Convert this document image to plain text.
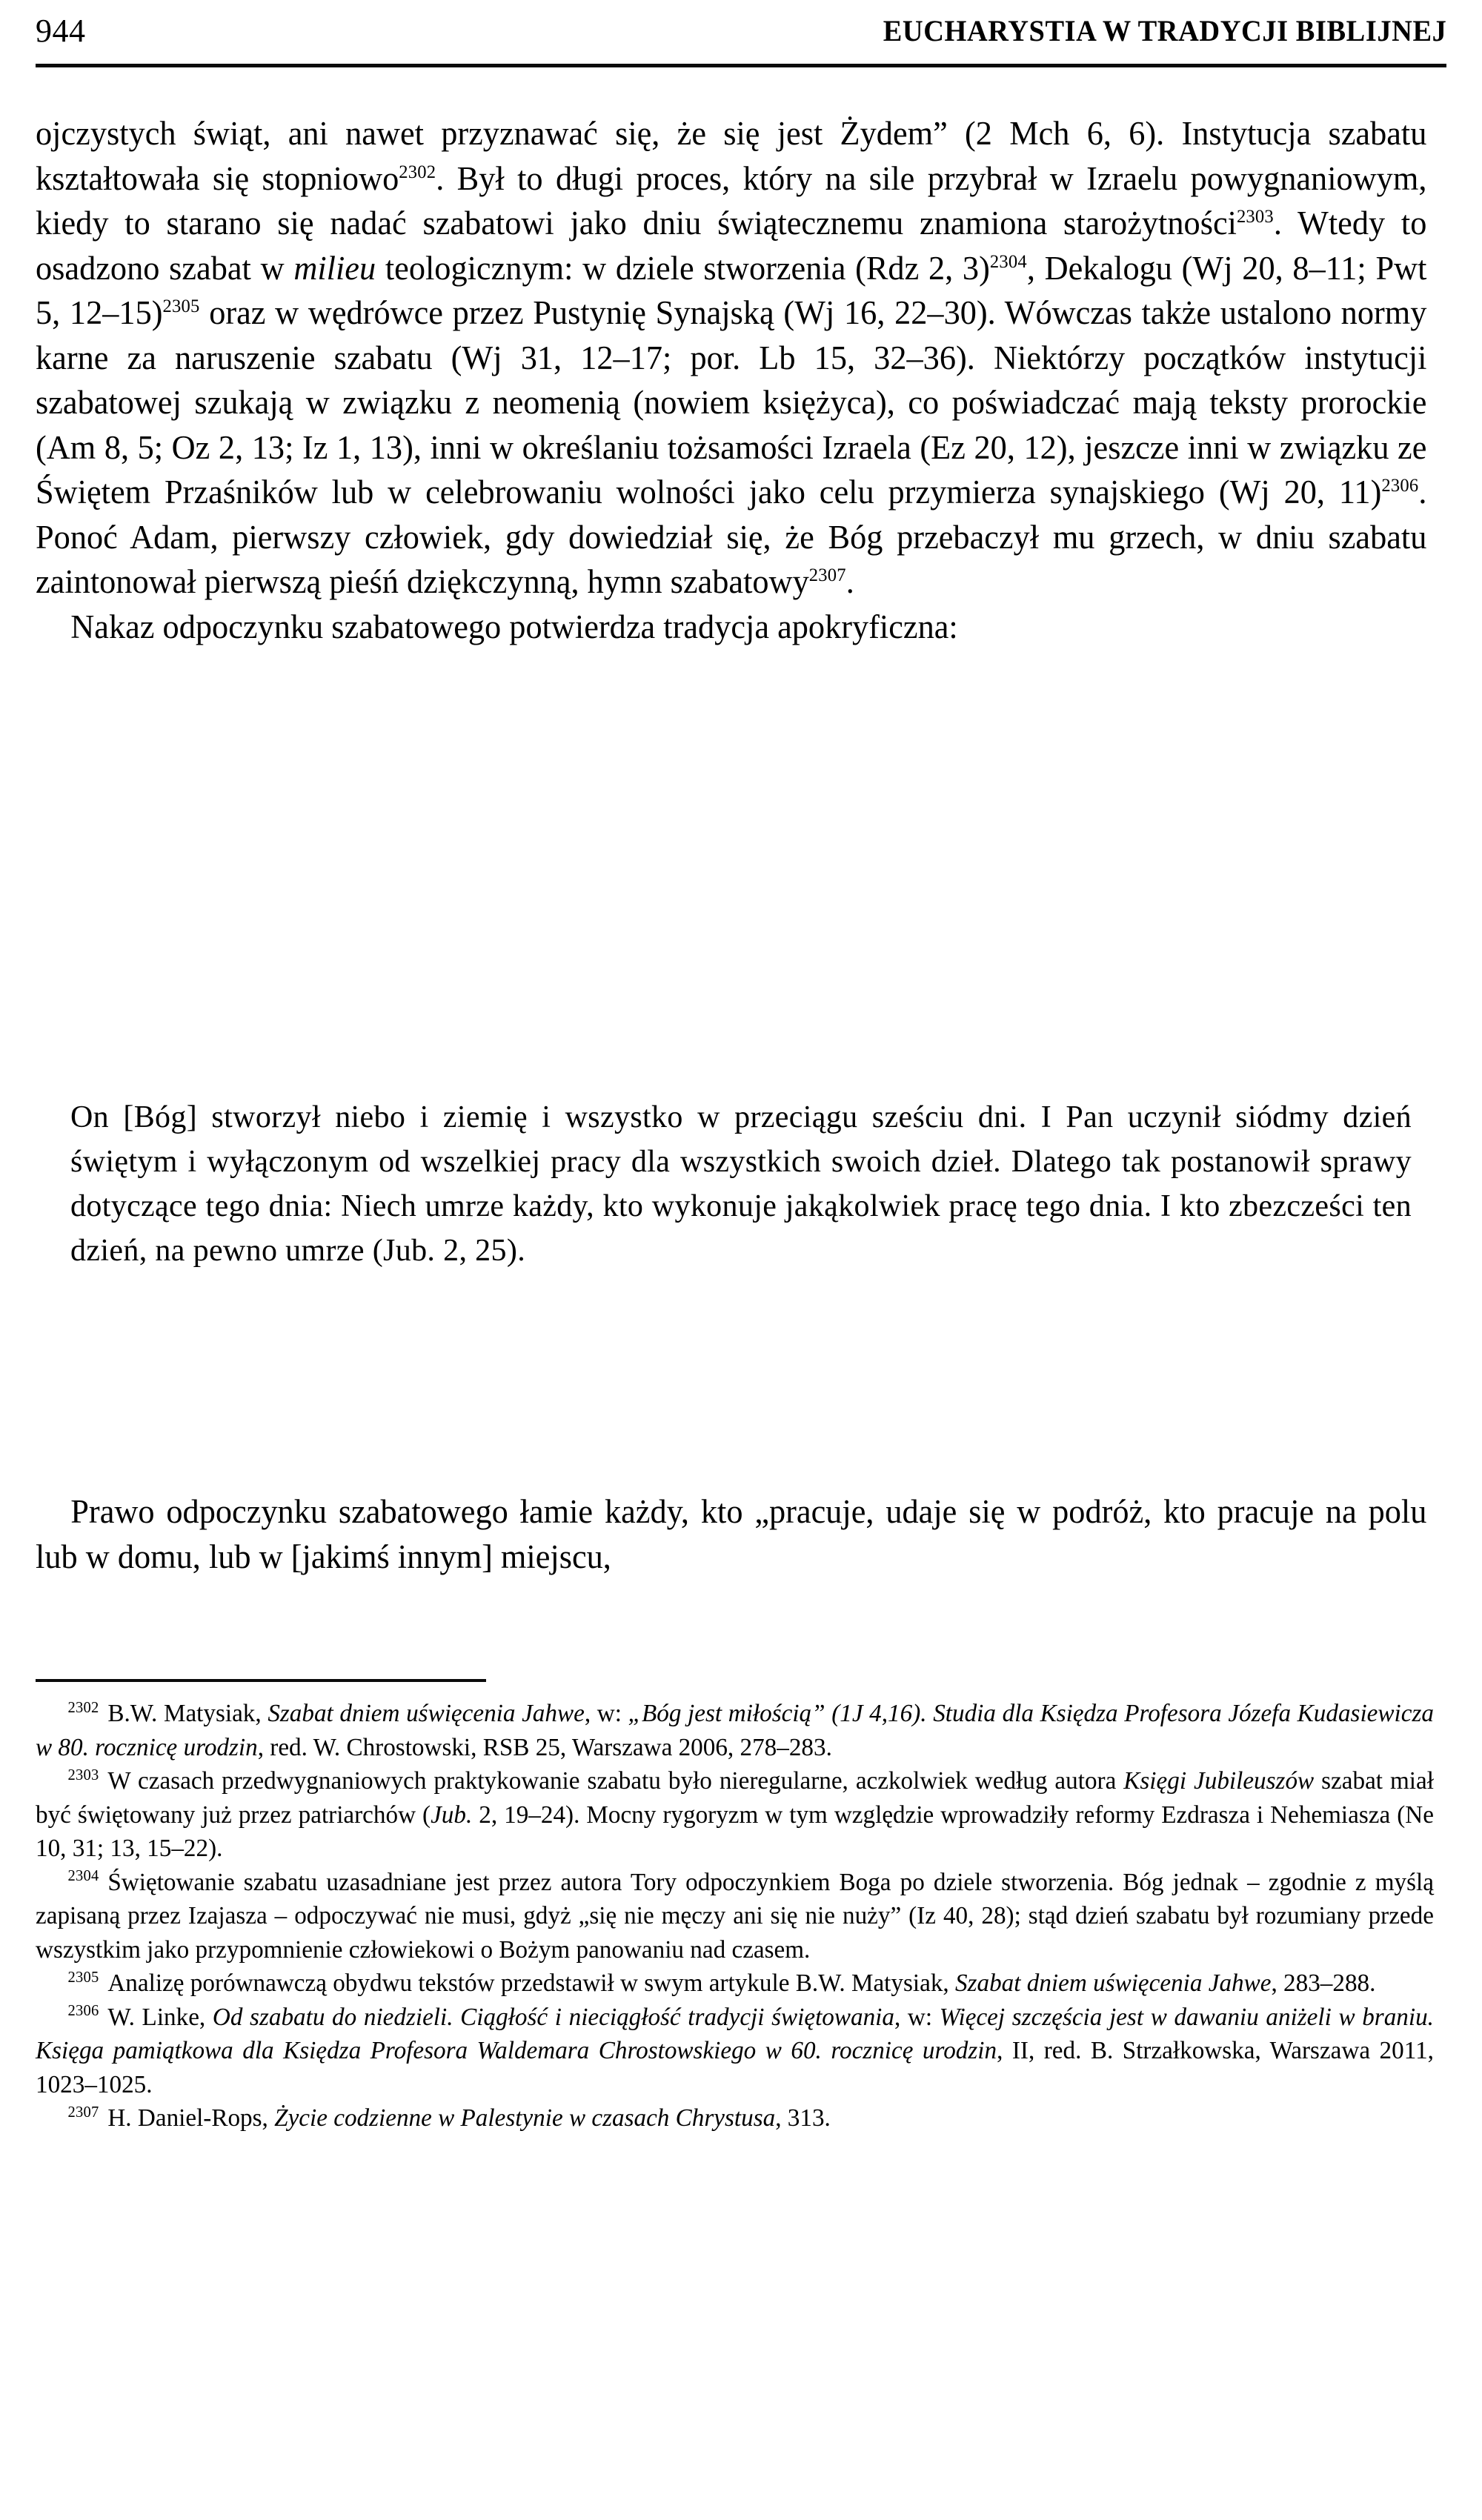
944	EUCHARYSTIA W TRADYCJI BIBLIJNEJ

ojczystych świąt, ani nawet przyznawać się, że się jest Żydem” (2 Mch 6, 6). Instytucja szabatu kształtowała się stopniowo$^{2302}$. Był to długi proces, który na sile przybrał w Izraelu powygnaniowym, kiedy to starano się nadać szabatowi jako dniu świątecznemu znamiona starożytności$^{2303}$. Wtedy to osadzono szabat w milieu teologicznym: w dziele stworzenia (Rdz 2, 3)$^{2304}$, Dekalogu (Wj 20, 8–11; Pwt 5, 12–15)$^{2305}$ oraz w wędrówce przez Pustynię Synajską (Wj 16, 22–30). Wówczas także ustalono normy karne za naruszenie szabatu (Wj 31, 12–17; por. Lb 15, 32–36). Niektórzy początków instytucji szabatowej szukają w związku z neomenią (nowiem księżyca), co poświadczać mają teksty prorockie (Am 8, 5; Oz 2, 13; Iz 1, 13), inni w określaniu tożsamości Izraela (Ez 20, 12), jeszcze inni w związku ze Świętem Przaśników lub w celebrowaniu wolności jako celu przymierza synajskiego (Wj 20, 11)$^{2306}$. Ponoć Adam, pierwszy człowiek, gdy dowiedział się, że Bóg przebaczył mu grzech, w dniu szabatu zaintonował pierwszą pieśń dziękczynną, hymn szabatowy$^{2307}$.

Nakaz odpoczynku szabatowego potwierdza tradycja apokryficzna:

On [Bóg] stworzył niebo i ziemię i wszystko w przeciągu sześciu dni. I Pan uczynił siódmy dzień świętym i wyłączonym od wszelkiej pracy dla wszystkich swoich dzieł. Dlatego tak postanowił sprawy dotyczące tego dnia: Niech umrze każdy, kto wykonuje jakąkolwiek pracę tego dnia. I kto zbezcześci ten dzień, na pewno umrze (Jub. 2, 25).

Prawo odpoczynku szabatowego łamie każdy, kto „pracuje, udaje się w podróż, kto pracuje na polu lub w domu, lub w [jakimś innym] miejscu,

$^{2302}$ B.W. Matysiak, Szabat dniem uświęcenia Jahwe, w: „Bóg jest miłością” (1J 4,16). Studia dla Księdza Profesora Józefa Kudasiewicza w 80. rocznicę urodzin, red. W. Chrostowski, RSB 25, Warszawa 2006, 278–283.

$^{2303}$ W czasach przedwygnaniowych praktykowanie szabatu było nieregularne, aczkolwiek według autora Księgi Jubileuszów szabat miał być świętowany już przez patriarchów (Jub. 2, 19–24). Mocny rygoryzm w tym względzie wprowadziły reformy Ezdrasza i Nehemiasza (Ne 10, 31; 13, 15–22).

$^{2304}$ Świętowanie szabatu uzasadniane jest przez autora Tory odpoczynkiem Boga po dziele stworzenia. Bóg jednak – zgodnie z myślą zapisaną przez Izajasza – odpoczywać nie musi, gdyż „się nie męczy ani się nie nuży” (Iz 40, 28); stąd dzień szabatu był rozumiany przede wszystkim jako przypomnienie człowiekowi o Bożym panowaniu nad czasem.

$^{2305}$ Analizę porównawczą obydwu tekstów przedstawił w swym artykule B.W. Matysiak, Szabat dniem uświęcenia Jahwe, 283–288.

$^{2306}$ W. Linke, Od szabatu do niedzieli. Ciągłość i nieciągłość tradycji świętowania, w: Więcej szczęścia jest w dawaniu aniżeli w braniu. Księga pamiątkowa dla Księdza Profesora Waldemara Chrostowskiego w 60. rocznicę urodzin, II, red. B. Strzałkowska, Warszawa 2011, 1023–1025.

$^{2307}$ H. Daniel-Rops, Życie codzienne w Palestynie w czasach Chrystusa, 313.
